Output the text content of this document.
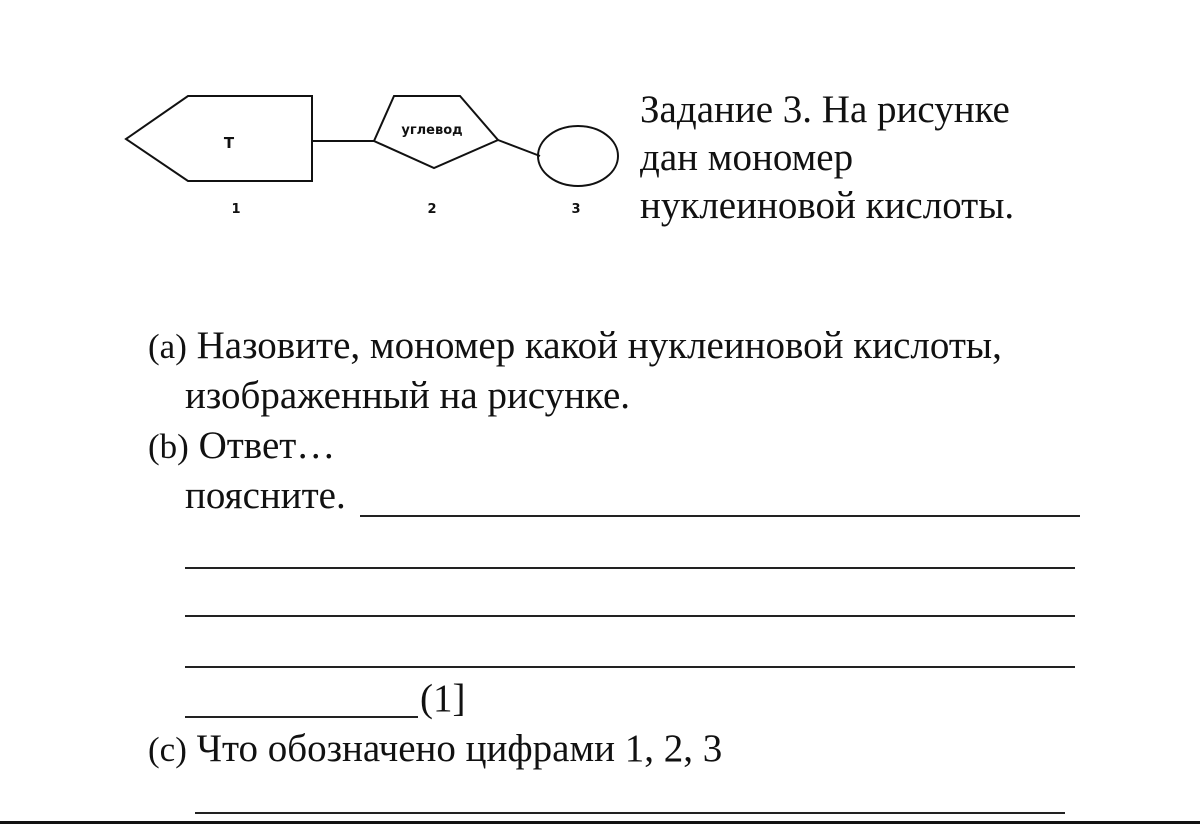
Т
углевод
1	2	3
Задание 3. На рисунке
дан мономер
нуклеиновой кислоты.
(a) Назовите, мономер какой нуклеиновой кислоты,
изображенный на рисунке.
(b) Ответ…
поясните.
(1]
(c) Что обозначено цифрами 1, 2, 3
